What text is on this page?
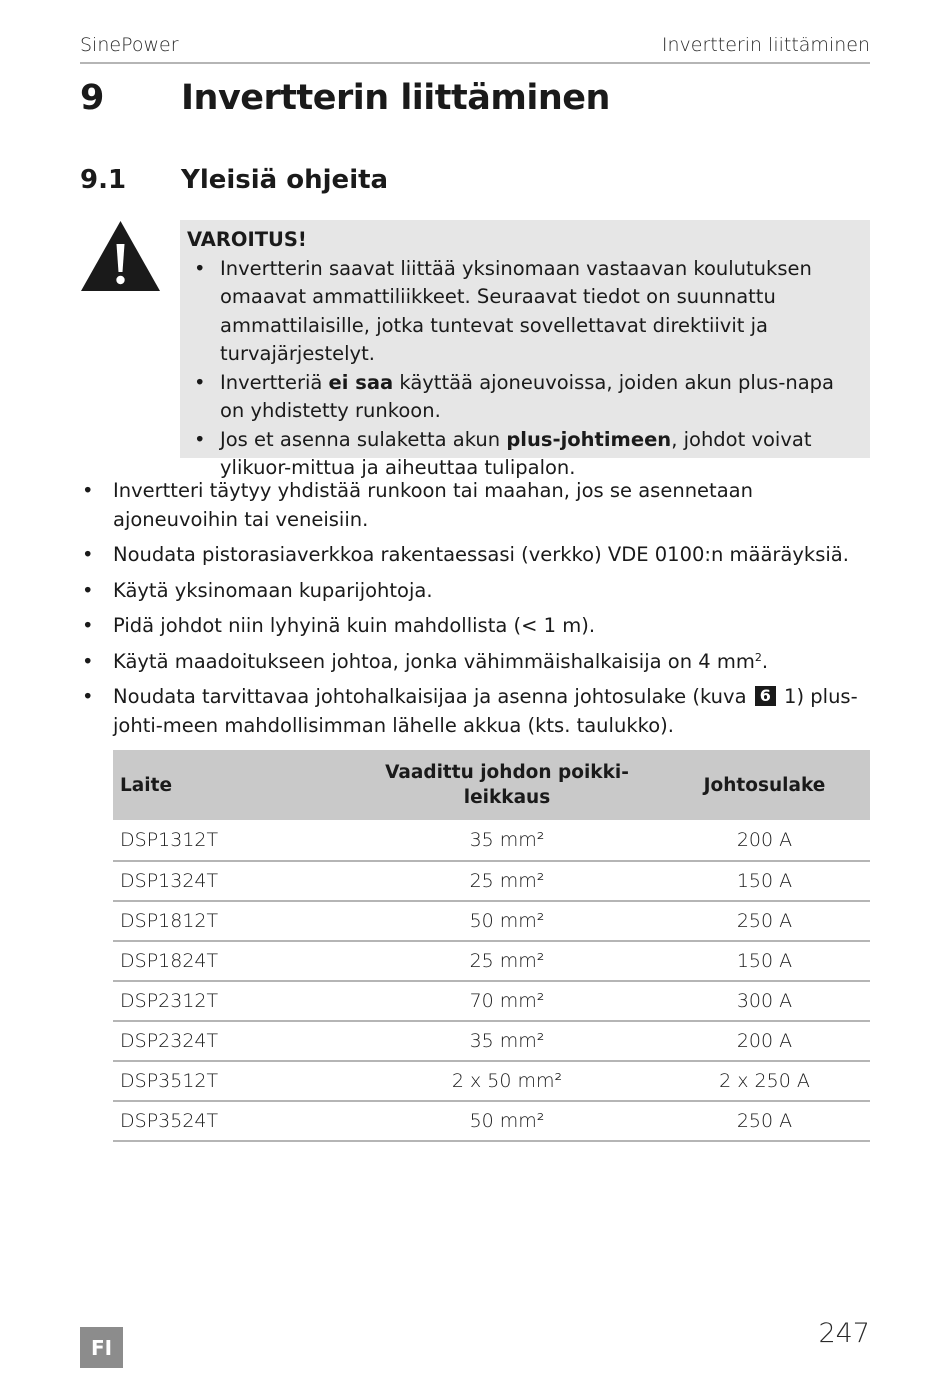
SinePower	Invertterin liittäminen
9 Invertterin liittäminen
9.1 Yleisiä ohjeita
VAROITUS!
• Invertterin saavat liittää yksinomaan vastaavan koulutuksen omaavat ammattiliikkeet. Seuraavat tiedot on suunnattu ammattilaisille, jotka tuntevat sovellettavat direktiivit ja turvajärjestelyt.
• Invertteriä ei saa käyttää ajoneuvoissa, joiden akun plus-napa on yhdistetty runkoon.
• Jos et asenna sulaketta akun plus-johtimeen, johdot voivat ylikuor-mittua ja aiheuttaa tulipalon.
• Invertteri täytyy yhdistää runkoon tai maahan, jos se asennetaan ajoneuvoihin tai veneisiin.
• Noudata pistorasiaverkkoa rakentaessasi (verkko) VDE 0100:n määräyksiä.
• Käytä yksinomaan kuparijohtoja.
• Pidä johdot niin lyhyinä kuin mahdollista (< 1 m).
• Käytä maadoitukseen johtoa, jonka vähimmäishalkaisija on 4 $mm^2$.
• Noudata tarvittavaa johtohalkaisijaa ja asenna johtosulake (kuva 6 1) plus-johti-meen mahdollisimman lähelle akkua (kts. taulukko).
Laite	Vaadittu johdon poikki-leikkaus	Johtosulake
DSP1312T	35 mm²	200 A
DSP1324T	25 mm²	150 A
DSP1812T	50 mm²	250 A
DSP1824T	25 mm²	150 A
DSP2312T	70 mm²	300 A
DSP2324T	35 mm²	200 A
DSP3512T	2 x 50 mm²	2 x 250 A
DSP3524T	50 mm²	250 A
FI	247
